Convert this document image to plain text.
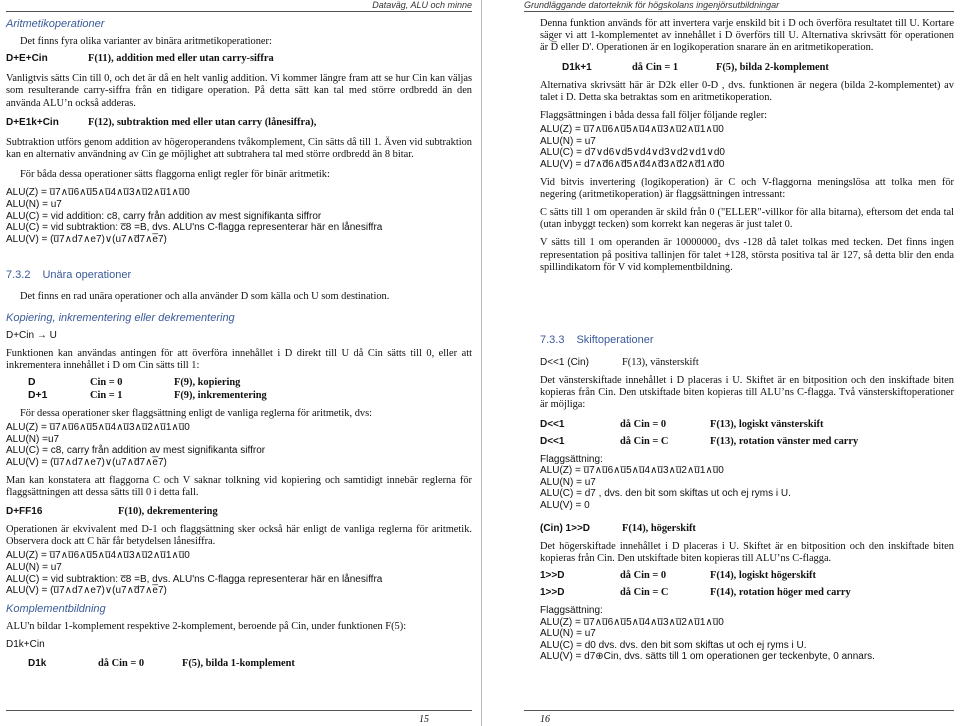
Dataväg, ALU och minne
Aritmetikoperationer

Det finns fyra olika varianter av binära aritmetikoperationer:

D+E+Cin	F(11), addition med eller utan carry-siffra

Vanligtvis sätts Cin till 0, och det är då en helt vanlig addition. Vi kommer längre fram att se hur Cin kan väljas som resulterande carry-siffra från en tidigare operation. På detta sätt kan tal med större ordbredd än den använda ALU’n också adderas.

D+E1k+Cin	F(12), subtraktion med eller utan carry (lånesiffra),

Subtraktion utförs genom addition av högeroperandens tvåkomplement, Cin sätts då till 1. Även vid subtraktion kan en alternativ användning av Cin ge möjlighet att subtrahera tal med större ordbredd än 8 bitar.

För båda dessa operationer sätts flaggorna enligt regler för binär aritmetik:

ALU(Z) = u̅7∧u̅6∧u̅5∧u̅4∧u̅3∧u̅2∧u̅1∧u̅0
ALU(N) = u7
ALU(C) = vid addition: c8, carry från addition av mest signifikanta siffror
ALU(C) = vid subtraktion: c̅8 =B, dvs. ALU'ns C-flagga representerar här en lånesiffra
ALU(V) = (u̅7∧d7∧e7)∨(u7∧d̅7∧e̅7)
7.3.2 Unära operationer

Det finns en rad unära operationer och alla använder D som källa och U som destination.

Kopiering, inkrementering eller dekrementering
D+Cin → U

Funktionen kan användas antingen för att överföra innehållet i D direkt till U då Cin sätts till 0, eller att inkrementera innehållet i D om Cin sätts till 1:

D	Cin = 0	F(9), kopiering
D+1	Cin = 1	F(9), inkrementering

För dessa operationer sker flaggsättning enligt de vanliga reglerna för aritmetik, dvs:

ALU(Z) = u̅7∧u̅6∧u̅5∧u̅4∧u̅3∧u̅2∧u̅1∧u̅0
ALU(N) =u7
ALU(C) = c8, carry från addition av mest signifikanta siffror
ALU(V) = (u̅7∧d7∧e7)∨(u7∧d̅7∧e̅7)

Man kan konstatera att flaggorna C och V saknar tolkning vid kopiering och samtidigt innebär reglerna för flaggsättningen att dessa sätts till 0 i detta fall.

D+FF16	F(10), dekrementering

Operationen är ekvivalent med D-1 och flaggsättning sker också här enligt de vanliga reglerna för aritmetik. Observera dock att C här får betydelsen lånesiffra.

ALU(Z) = u̅7∧u̅6∧u̅5∧u̅4∧u̅3∧u̅2∧u̅1∧u̅0
ALU(N) = u7
ALU(C) = vid subtraktion: c̅8 =B, dvs. ALU'ns C-flagga representerar här en lånesiffra
ALU(V) = (u̅7∧d7∧e7)∨(u7∧d̅7∧e̅7)
Komplementbildning

ALU'n bildar 1-komplement respektive 2-komplement, beroende på Cin, under funktionen F(5):

D1k+Cin
D1k	då Cin = 0	F(5), bilda 1-komplement
15
Grundläggande datorteknik för högskolans ingenjörsutbildningar

Denna funktion används för att invertera varje enskild bit i D och överföra resultatet till U. Kortare säger vi att 1-komplementet av innehållet i D överförs till U. Alternativa skrivsätt för operationen är D̅ eller D'. Operationen är en logikoperation snarare än en aritmetikoperation.

D1k+1	då Cin = 1	F(5), bilda 2-komplement

Alternativa skrivsätt här är D2k eller 0-D , dvs. funktionen är negera (bilda 2-komplementet) av talet i D. Detta ska betraktas som en aritmetikoperation.

Flaggsättningen i båda dessa fall följer följande regler:

ALU(Z) = u̅7∧u̅6∧u̅5∧u̅4∧u̅3∧u̅2∧u̅1∧u̅0
ALU(N) = u7
ALU(C) = d7∨d6∨d5∨d4∨d3∨d2∨d1∨d0
ALU(V) = d7∧d̅6∧d̅5∧d̅4∧d̅3∧d̅2∧d̅1∧d̅0

Vid bitvis invertering (logikoperation) är C och V-flaggorna meningslösa att tolka men för negering (aritmetikoperation) är flaggsättningen intressant:

C sätts till 1 om operanden är skild från 0 ("ELLER"-villkor för alla bitarna), eftersom det enda tal (utan inbyggt tecken) som korrekt kan negeras är just talet 0.

V sätts till 1 om operanden är 10000000₂ dvs -128 då talet tolkas med tecken. Det finns ingen representation på positiva tallinjen för talet +128, största positiva tal är 127, så detta blir den enda spillindikatorn för V vid komplementbildning.

7.3.3 Skiftoperationer
D<<1 (Cin)	F(13), vänsterskift

Det vänsterskiftade innehållet i D placeras i U. Skiftet är en bitposition och den inskiftade biten kopieras från Cin. Den utskiftade biten kopieras till ALU’ns C-flagga. Två vänsterskiftoperationer är möjliga:

D<<1	då Cin = 0	F(13), logiskt vänsterskift
D<<1	då Cin = C	F(13), rotation vänster med carry
Flaggsättning:
ALU(Z) = u̅7∧u̅6∧u̅5∧u̅4∧u̅3∧u̅2∧u̅1∧u̅0
ALU(N) = u7
ALU(C) = d7 , dvs. den bit som skiftas ut och ej ryms i U.
ALU(V) = 0
(Cin) 1>>D	F(14), högerskift

Det högerskiftade innehållet i D placeras i U. Skiftet är en bitposition och den inskiftade biten kopieras från Cin. Den utskiftade biten kopieras till ALU’ns C-flagga.

1>>D	då Cin = 0	F(14), logiskt högerskift
1>>D	då Cin = C	F(14), rotation höger med carry
Flaggsättning:
ALU(Z) = u̅7∧u̅6∧u̅5∧u̅4∧u̅3∧u̅2∧u̅1∧u̅0
ALU(N) = u7
ALU(C) = d0 dvs. dvs. den bit som skiftas ut och ej ryms i U.
ALU(V) = d7⊕Cin, dvs. sätts till 1 om operationen ger teckenbyte, 0 annars.
16
